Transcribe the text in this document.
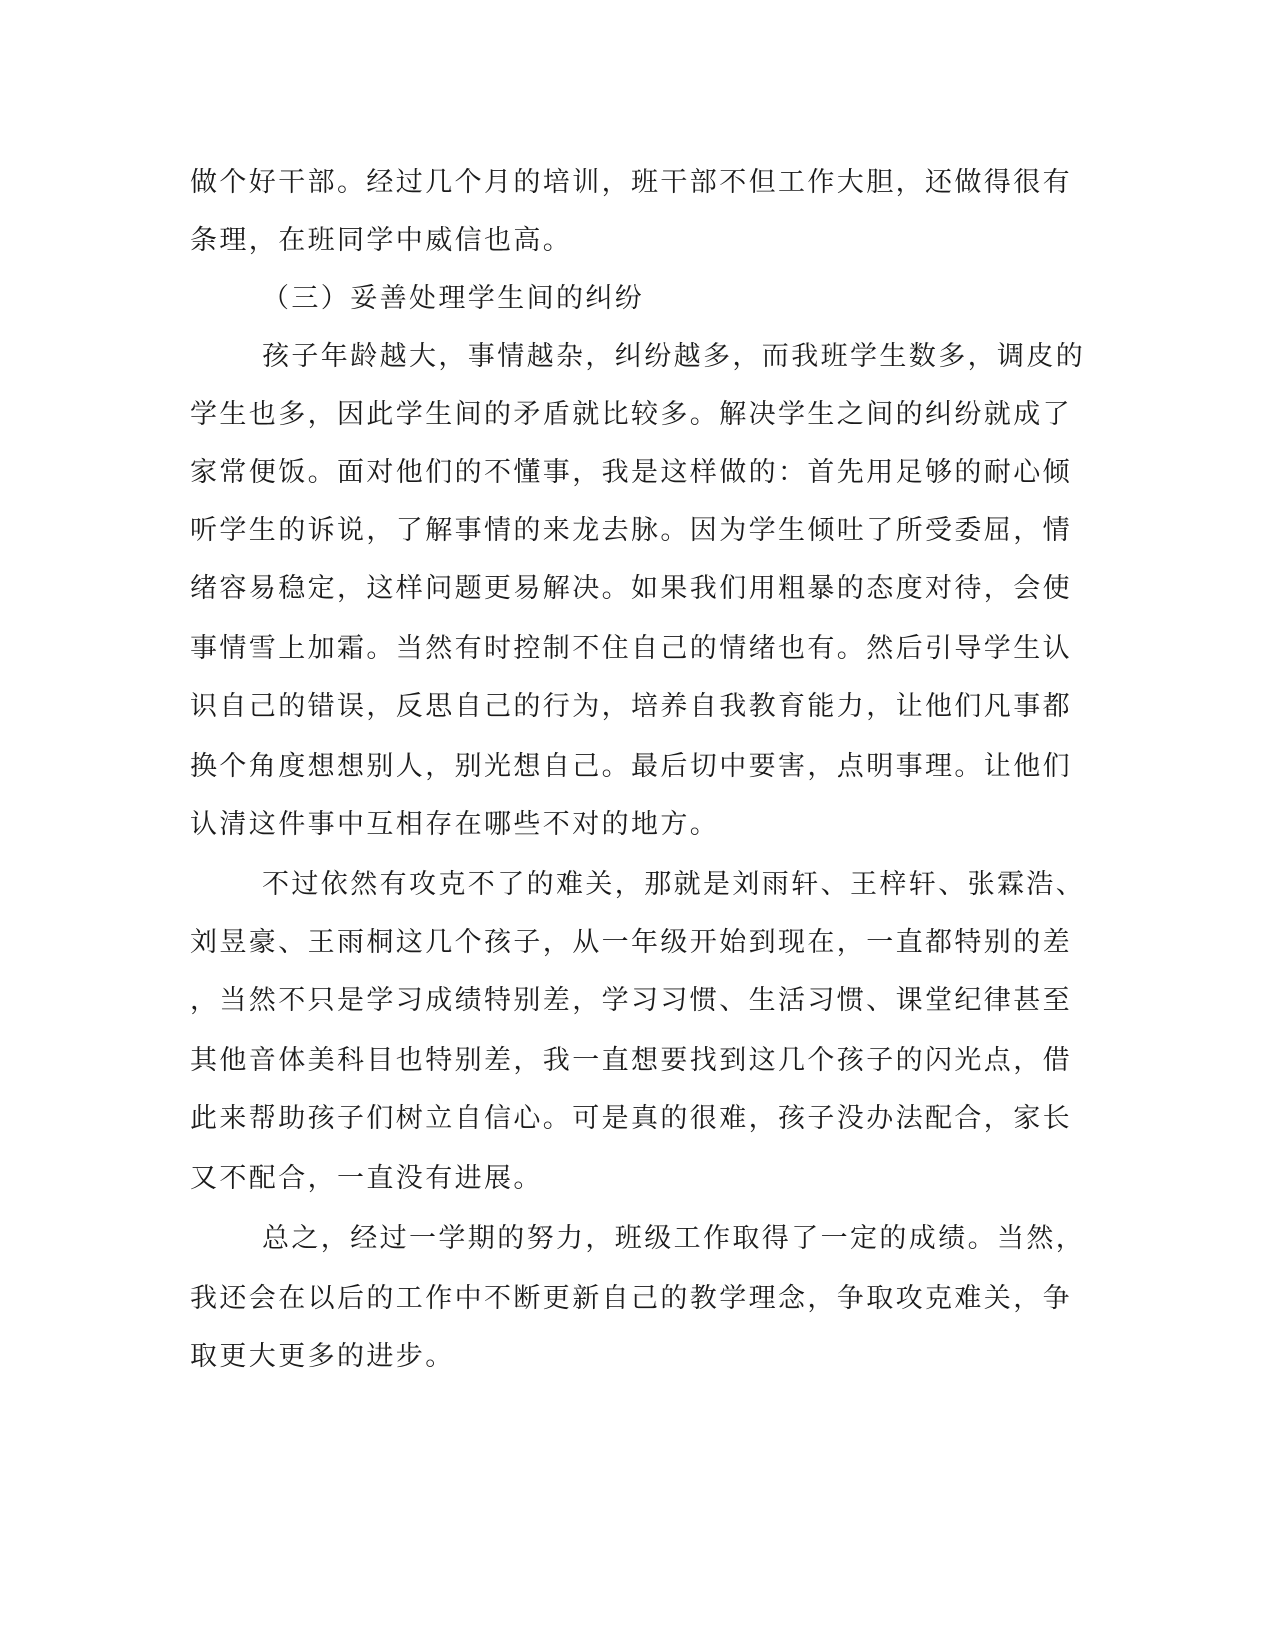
做个好干部。经过几个月的培训，班干部不但工作大胆，还做得很有
条理，在班同学中威信也高。
（三）妥善处理学生间的纠纷
孩子年龄越大，事情越杂，纠纷越多，而我班学生数多，调皮的
学生也多，因此学生间的矛盾就比较多。解决学生之间的纠纷就成了
家常便饭。面对他们的不懂事，我是这样做的：首先用足够的耐心倾
听学生的诉说，了解事情的来龙去脉。因为学生倾吐了所受委屈，情
绪容易稳定，这样问题更易解决。如果我们用粗暴的态度对待，会使
事情雪上加霜。当然有时控制不住自己的情绪也有。然后引导学生认
识自己的错误，反思自己的行为，培养自我教育能力，让他们凡事都
换个角度想想别人，别光想自己。最后切中要害，点明事理。让他们
认清这件事中互相存在哪些不对的地方。
不过依然有攻克不了的难关，那就是刘雨轩、王梓轩、张霖浩、
刘昱豪、王雨桐这几个孩子，从一年级开始到现在，一直都特别的差
，当然不只是学习成绩特别差，学习习惯、生活习惯、课堂纪律甚至
其他音体美科目也特别差，我一直想要找到这几个孩子的闪光点，借
此来帮助孩子们树立自信心。可是真的很难，孩子没办法配合，家长
又不配合，一直没有进展。
总之，经过一学期的努力，班级工作取得了一定的成绩。当然，
我还会在以后的工作中不断更新自己的教学理念，争取攻克难关，争
取更大更多的进步。
